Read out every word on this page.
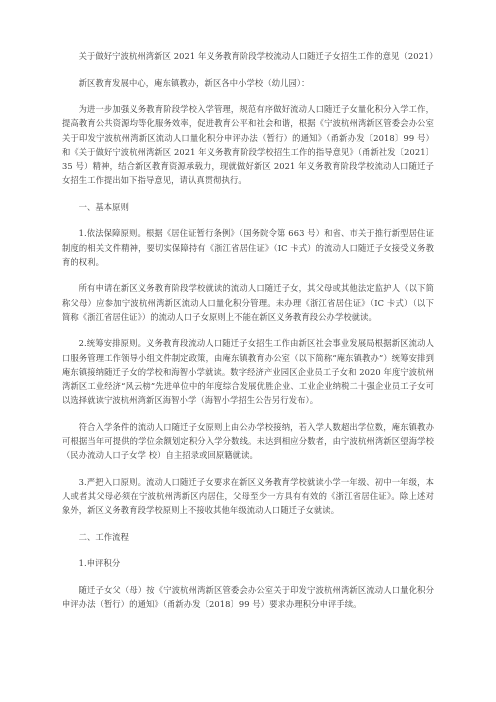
关于做好宁波杭州湾新区 2021 年义务教育阶段学校流动人口随迁子女招生工作的意见（2021）

新区教育发展中心，庵东镇教办，新区各中小学校（幼儿园）：

为进一步加强义务教育阶段学校入学管理，规范有序做好流动人口随迁子女量化积分入学工作，提高教育公共资源均等化服务效率，促进教育公平和社会和谐，根据《宁波杭州湾新区管委会办公室关于印发宁波杭州湾新区流动人口量化积分申评办法（暂行）的通知》（甬新办发〔2018〕99 号）和《关于做好宁波杭州湾新区 2021 年义务教育阶段学校招生工作的指导意见》（甬新社发〔2021〕35 号）精神，结合新区教育资源承载力，现就做好新区 2021 年义务教育阶段学校流动人口随迁子女招生工作提出如下指导意见，请认真贯彻执行。

一、基本原则

1.依法保障原则。根据《居住证暂行条例》（国务院令第 663 号）和省、市关于推行新型居住证制度的相关文件精神，要切实保障持有《浙江省居住证》（IC 卡式）的流动人口随迁子女接受义务教育的权利。

所有申请在新区义务教育阶段学校就读的流动人口随迁子女，其父母或其他法定监护人（以下简称父母）应参加宁波杭州湾新区流动人口量化积分管理。未办理《浙江省居住证》（IC 卡式）（以下简称《浙江省居住证》）的流动人口子女原则上不能在新区义务教育段公办学校就读。

2.统筹安排原则。义务教育段流动人口随迁子女招生工作由新区社会事业发展局根据新区流动人口服务管理工作领导小组文件制定政策，由庵东镇教育办公室（以下简称“庵东镇教办”）统筹安排到庵东镇接纳随迁子女的学校和海智小学就读。数字经济产业园区企业员工子女和 2020 年度宁波杭州湾新区工业经济“风云榜”先进单位中的年度综合发展优胜企业、工业企业纳税二十强企业员工子女可以选择就读宁波杭州湾新区海智小学（海智小学招生公告另行发布）。

符合入学条件的流动人口随迁子女原则上由公办学校接纳，若入学人数超出学位数，庵东镇教办可根据当年可提供的学位余额划定积分入学分数线。未达到相应分数者，由宁波杭州湾新区望海学校（民办流动人口子女学 校）自主招录或回原籍就读。

3.严把入口原则。流动人口随迁子女要求在新区义务教育学校就读小学一年级、初中一年级，本人或者其父母必须在宁波杭州湾新区内居住，父母至少一方具有有效的《浙江省居住证》。除上述对象外，新区义务教育段学校原则上不接收其他年级流动人口随迁子女就读。

二、工作流程

1.申评积分

随迁子女父（母）按《宁波杭州湾新区管委会办公室关于印发宁波杭州湾新区流动人口量化积分申评办法（暂行）的通知》（甬新办发〔2018〕99 号）要求办理积分申评手续。
